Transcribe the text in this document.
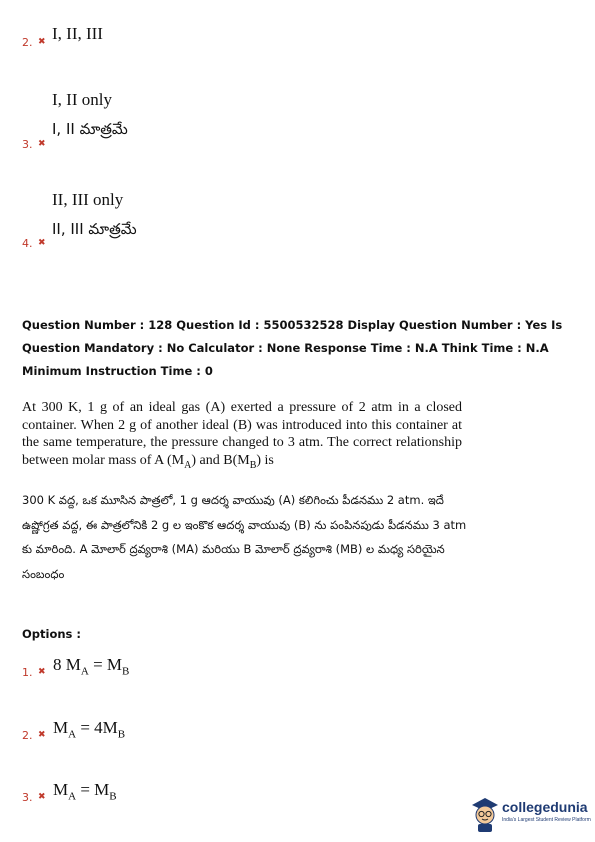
2. ✖ I, II, III
I, II only
3. ✖
I, II మాత్రమే
II, III only
4. ✖
II, III మాత్రమే
Question Number : 128 Question Id : 5500532528 Display Question Number : Yes Is Question Mandatory : No Calculator : None Response Time : N.A Think Time : N.A Minimum Instruction Time : 0
At 300 K, 1 g of an ideal gas (A) exerted a pressure of 2 atm in a closed container. When 2 g of another ideal (B) was introduced into this container at the same temperature, the pressure changed to 3 atm. The correct relationship between molar mass of A $(M_A)$ and $B(M_B)$ is
300 K వద్ద, ఒక మూసిన పాత్రలో, 1 g ఆదర్శ వాయువు (A) కలిగించు పీడనము 2 atm. ఇదే ఉష్ణోగ్రత వద్ద, ఈ పాత్రలోనికి 2 g ల ఇంకొక ఆదర్శ వాయువు (B) ను పంపినపుడు పీడనము 3 atm కు మారింది. A మోలార్ ద్రవ్యరాశి (MA) మరియు B మోలార్ ద్రవ్యరాశి (MB) ల మధ్య సరియైన సంబంధం
Options :
1. ✖ 8 $M_A = M_B$
2. ✖ $M_A = 4M_B$
3. ✖ $M_A = M_B$
collegedunia
India's Largest Student Review Platform
